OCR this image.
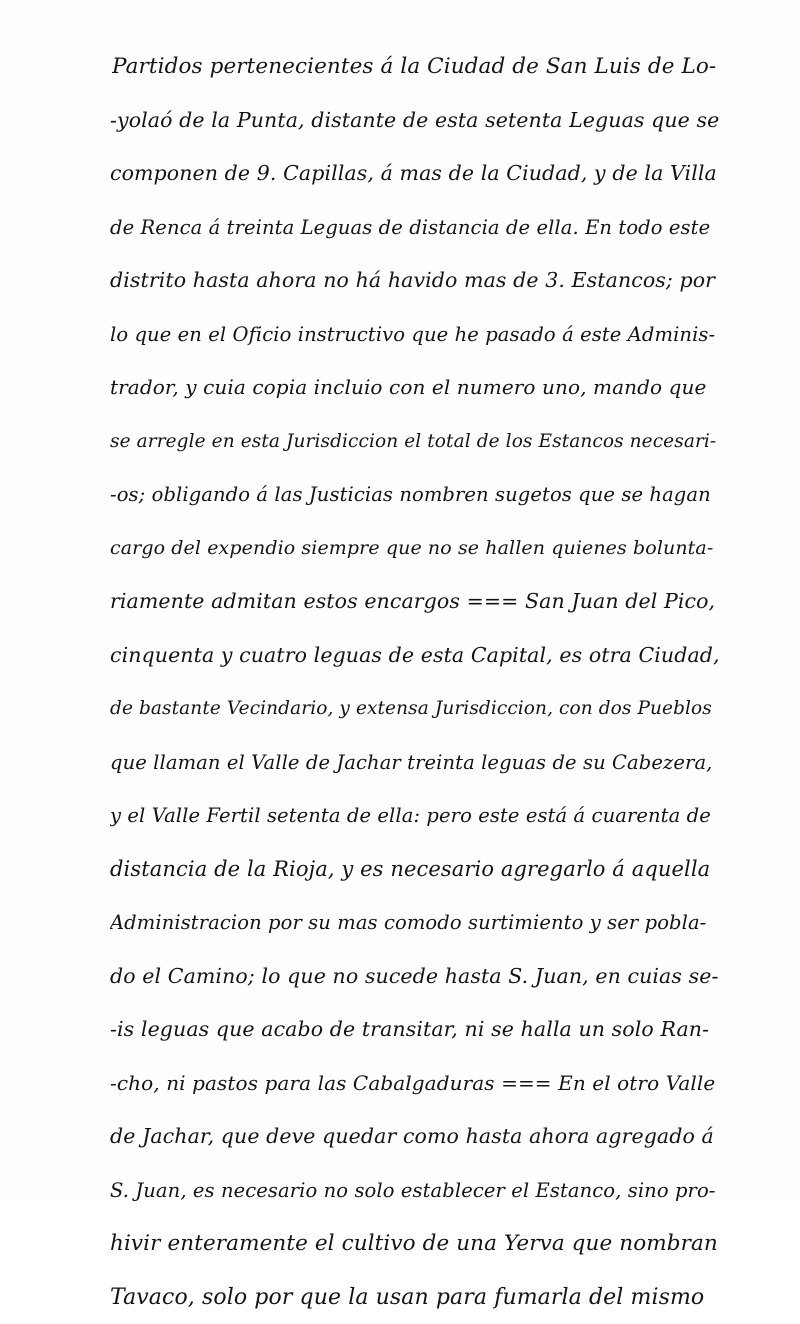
Partidos pertenecientes á la Ciudad de San Luis de Lo-
-yolaó de la Punta, distante de esta setenta Leguas que se
componen de 9. Capillas, á mas de la Ciudad, y de la Villa
de Renca á treinta Leguas de distancia de ella. En todo este
distrito hasta ahora no há havido mas de 3. Estancos; por
lo que en el Oficio instructivo que he pasado á este Adminis-
trador, y cuia copia incluio con el numero uno, mando que
se arregle en esta Jurisdiccion el total de los Estancos necesari-
-os; obligando á las Justicias nombren sugetos que se hagan
cargo del expendio siempre que no se hallen quienes bolunta-
riamente admitan estos encargos === San Juan del Pico,
cinquenta y cuatro leguas de esta Capital, es otra Ciudad,
de bastante Vecindario, y extensa Jurisdiccion, con dos Pueblos
que llaman el Valle de Jachar treinta leguas de su Cabezera,
y el Valle Fertil setenta de ella: pero este está á cuarenta de
distancia de la Rioja, y es necesario agregarlo á aquella
Administracion por su mas comodo surtimiento y ser pobla-
do el Camino; lo que no sucede hasta S. Juan, en cuias se-
-is leguas que acabo de transitar, ni se halla un solo Ran-
-cho, ni pastos para las Cabalgaduras === En el otro Valle
de Jachar, que deve quedar como hasta ahora agregado á
S. Juan, es necesario no solo establecer el Estanco, sino pro-
hivir enteramente el cultivo de una Yerva que nombran
Tavaco, solo por que la usan para fumarla del mismo
